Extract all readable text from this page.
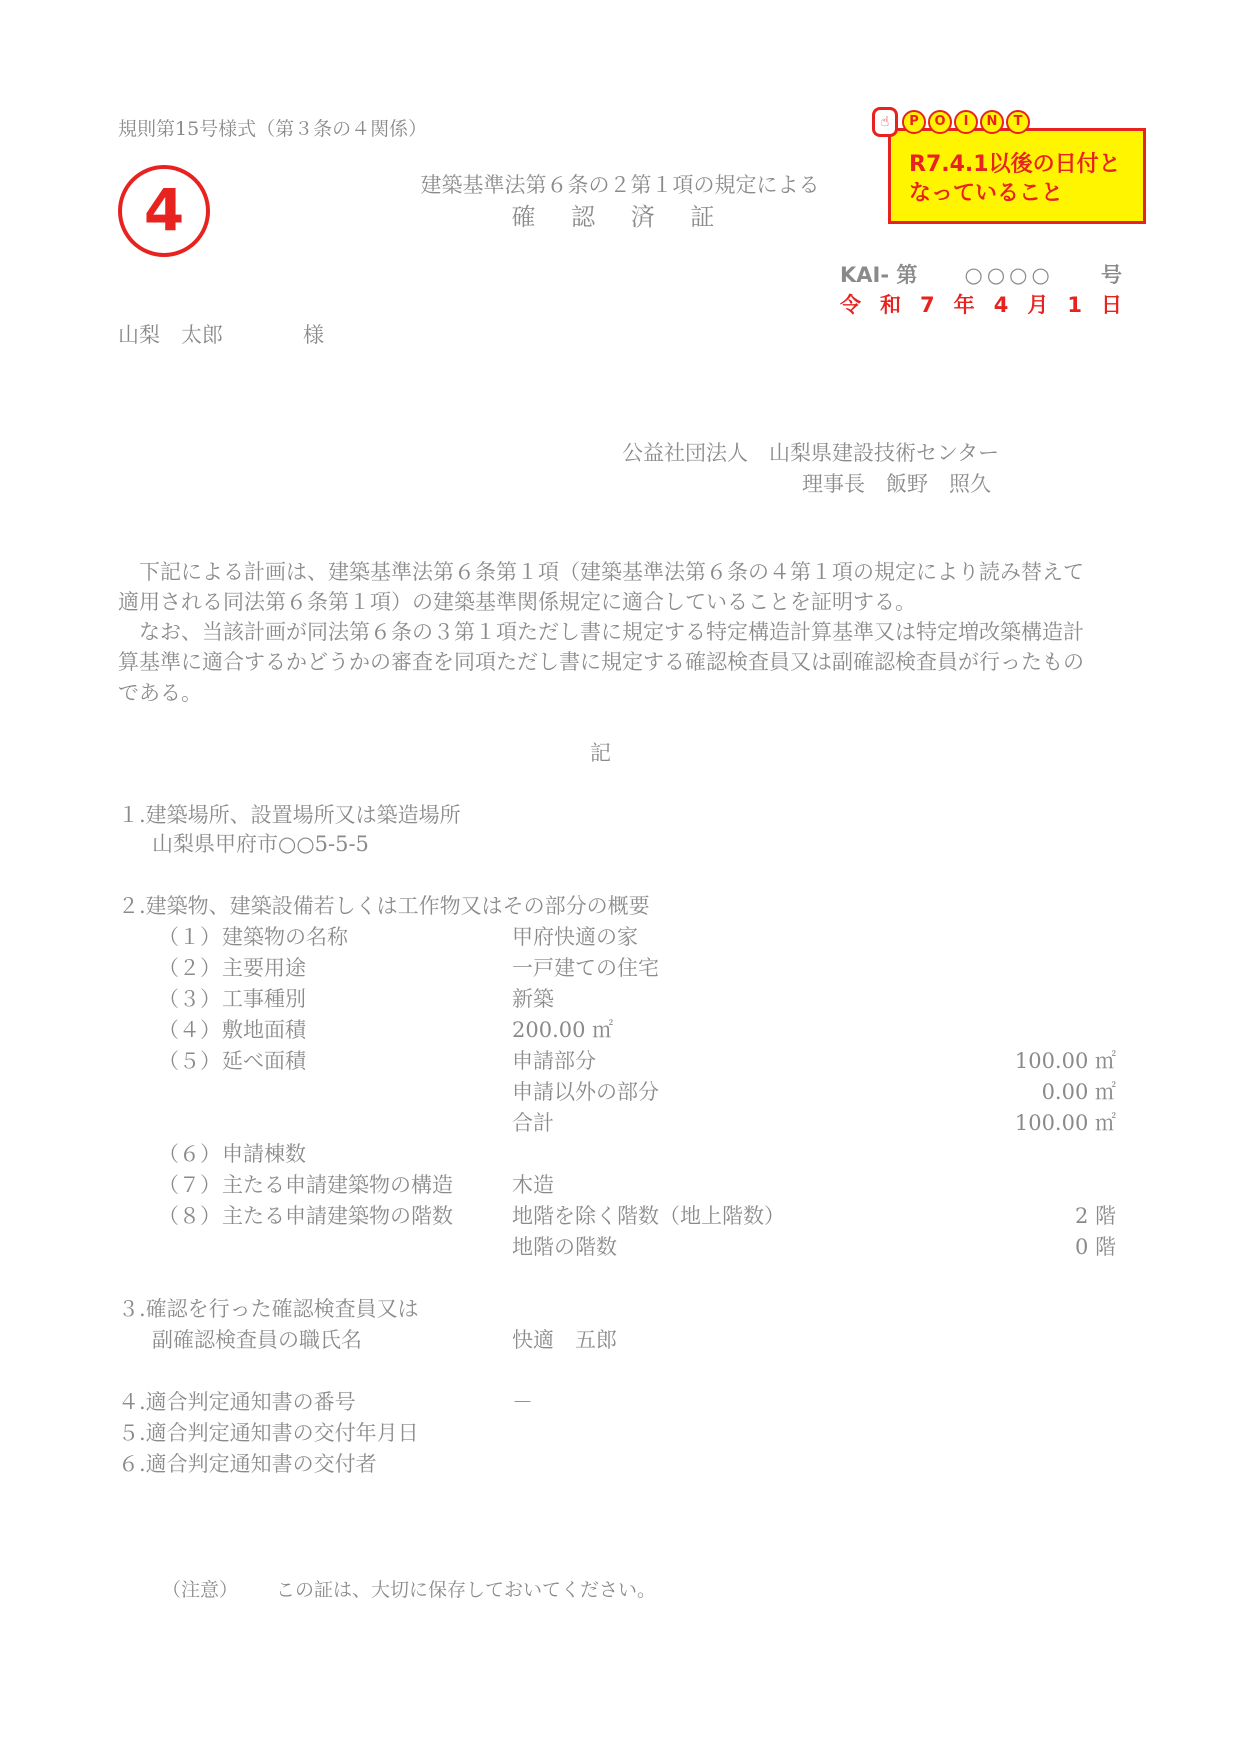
規則第15号様式（第３条の４関係）
4	建築基準法第６条の２第１項の規定による
確 認 済 証
R7.4.1以後の日付と
なっていること
☝	P	O	I	N	T
KAI- 第 ○○○○ 号
令 和 7 年 4 月 1 日
山梨　太郎	様
公益社団法人　山梨県建設技術センター
理事長　飯野　照久
下記による計画は、建築基準法第６条第１項（建築基準法第６条の４第１項の規定により読み替えて適用される同法第６条第１項）の建築基準関係規定に適合していることを証明する。
なお、当該計画が同法第６条の３第１項ただし書に規定する特定構造計算基準又は特定増改築構造計算基準に適合するかどうかの審査を同項ただし書に規定する確認検査員又は副確認検査員が行ったものである。
記
１.建築場所、設置場所又は築造場所
山梨県甲府市○○5-5-5
２.建築物、建築設備若しくは工作物又はその部分の概要
（１） 建築物の名称	甲府快適の家
（２） 主要用途	一戸建ての住宅
（３） 工事種別	新築
（４） 敷地面積	200.00 ㎡
（５） 延べ面積	申請部分	100.00 ㎡
申請以外の部分	0.00 ㎡
合計	100.00 ㎡
（６） 申請棟数
（７） 主たる申請建築物の構造	木造
（８） 主たる申請建築物の階数	地階を除く階数（地上階数）	2 階
地階の階数	0 階
３.確認を行った確認検査員又は
副確認検査員の職氏名	快適　五郎
４.適合判定通知書の番号	－
５.適合判定通知書の交付年月日
６.適合判定通知書の交付者
（注意） この証は、大切に保存しておいてください。
